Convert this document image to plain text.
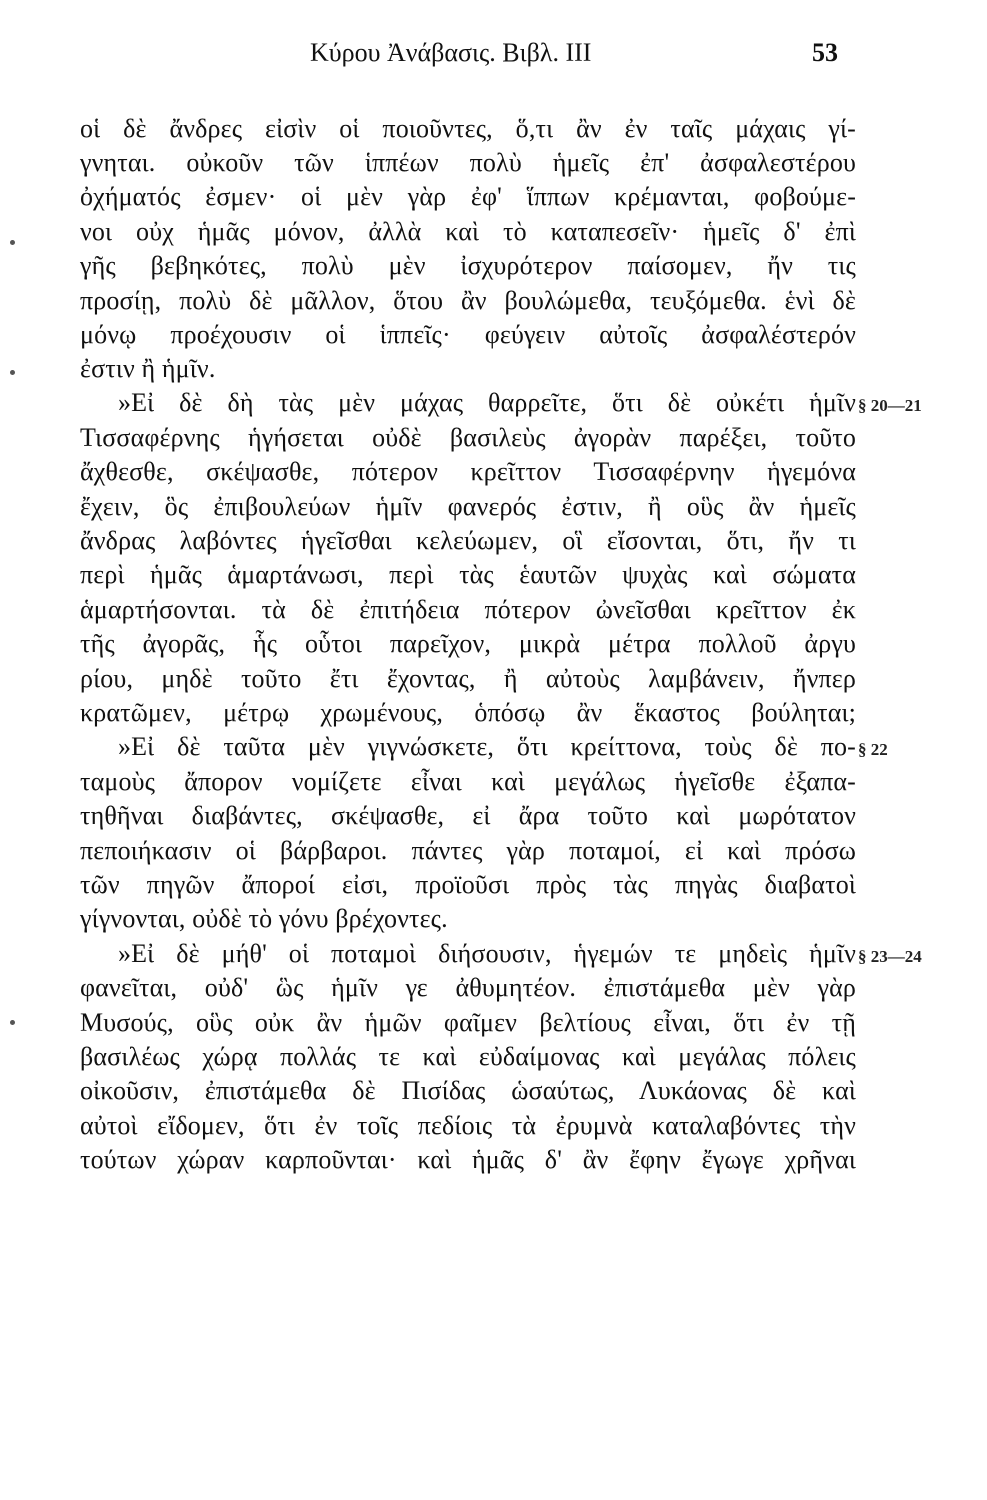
Κύρου Ἀνάβασις. Βιβλ. ΙΙΙ	53
οἱ δὲ ἄνδρες εἰσὶν οἱ ποιοῦντες, ὅ,τι ἂν ἐν ταῖς μάχαις γί-
γνηται. οὐκοῦν τῶν ἱππέων πολὺ ἡμεῖς ἐπ' ἀσφαλεστέρου
ὀχήματός ἐσμεν· οἱ μὲν γὰρ ἐφ' ἵππων κρέμανται, φοβούμε-
νοι οὐχ ἡμᾶς μόνον, ἀλλὰ καὶ τὸ καταπεσεῖν· ἡμεῖς δ' ἐπὶ
γῆς βεβηκότες, πολὺ μὲν ἰσχυρότερον παίσομεν, ἤν τις
προσίῃ, πολὺ δὲ μᾶλλον, ὅτου ἂν βουλώμεθα, τευξόμεθα. ἑνὶ δὲ
μόνῳ προέχουσιν οἱ ἱππεῖς· φεύγειν αὐτοῖς ἀσφαλέστερόν
ἐστιν ἢ ἡμῖν.
»Εἰ δὲ δὴ τὰς μὲν μάχας θαρρεῖτε, ὅτι δὲ οὐκέτι ἡμῖν
Τισσαφέρνης ἡγήσεται οὐδὲ βασιλεὺς ἀγορὰν παρέξει, τοῦτο
ἄχθεσθε, σκέψασθε, πότερον κρεῖττον Τισσαφέρνην ἡγεμόνα
ἔχειν, ὃς ἐπιβουλεύων ἡμῖν φανερός ἐστιν, ἢ οὓς ἂν ἡμεῖς
ἄνδρας λαβόντες ἡγεῖσθαι κελεύωμεν, οἳ εἴσονται, ὅτι, ἤν τι
περὶ ἡμᾶς ἁμαρτάνωσι, περὶ τὰς ἑαυτῶν ψυχὰς καὶ σώματα
ἁμαρτήσονται. τὰ δὲ ἐπιτήδεια πότερον ὠνεῖσθαι κρεῖττον ἐκ
τῆς ἀγορᾶς, ἧς οὗτοι παρεῖχον, μικρὰ μέτρα πολλοῦ ἀργυ
ρίου, μηδὲ τοῦτο ἔτι ἔχοντας, ἢ αὐτοὺς λαμβάνειν, ἤνπερ
κρατῶμεν, μέτρῳ χρωμένους, ὁπόσῳ ἂν ἕκαστος βούληται;
»Εἰ δὲ ταῦτα μὲν γιγνώσκετε, ὅτι κρείττονα, τοὺς δὲ πο-
ταμοὺς ἄπορον νομίζετε εἶναι καὶ μεγάλως ἡγεῖσθε ἐξαπα-
τηθῆναι διαβάντες, σκέψασθε, εἰ ἄρα τοῦτο καὶ μωρότατον
πεποιήκασιν οἱ βάρβαροι. πάντες γὰρ ποταμοί, εἰ καὶ πρόσω
τῶν πηγῶν ἄποροί εἰσι, προϊοῦσι πρὸς τὰς πηγὰς διαβατοὶ
γίγνονται, οὐδὲ τὸ γόνυ βρέχοντες.
»Εἰ δὲ μήθ' οἱ ποταμοὶ διήσουσιν, ἡγεμών τε μηδεὶς ἡμῖν
φανεῖται, οὐδ' ὣς ἡμῖν γε ἀθυμητέον. ἐπιστάμεθα μὲν γὰρ
Μυσούς, οὓς οὐκ ἂν ἡμῶν φαῖμεν βελτίους εἶναι, ὅτι ἐν τῇ
βασιλέως χώρᾳ πολλάς τε καὶ εὐδαίμονας καὶ μεγάλας πόλεις
οἰκοῦσιν, ἐπιστάμεθα δὲ Πισίδας ὡσαύτως, Λυκάονας δὲ καὶ
αὐτοὶ εἴδομεν, ὅτι ἐν τοῖς πεδίοις τὰ ἐρυμνὰ καταλαβόντες τὴν
τούτων χώραν καρποῦνται· καὶ ἡμᾶς δ' ἂν ἔφην ἔγωγε χρῆναι
§ 20—21
§ 22
§ 23—24
